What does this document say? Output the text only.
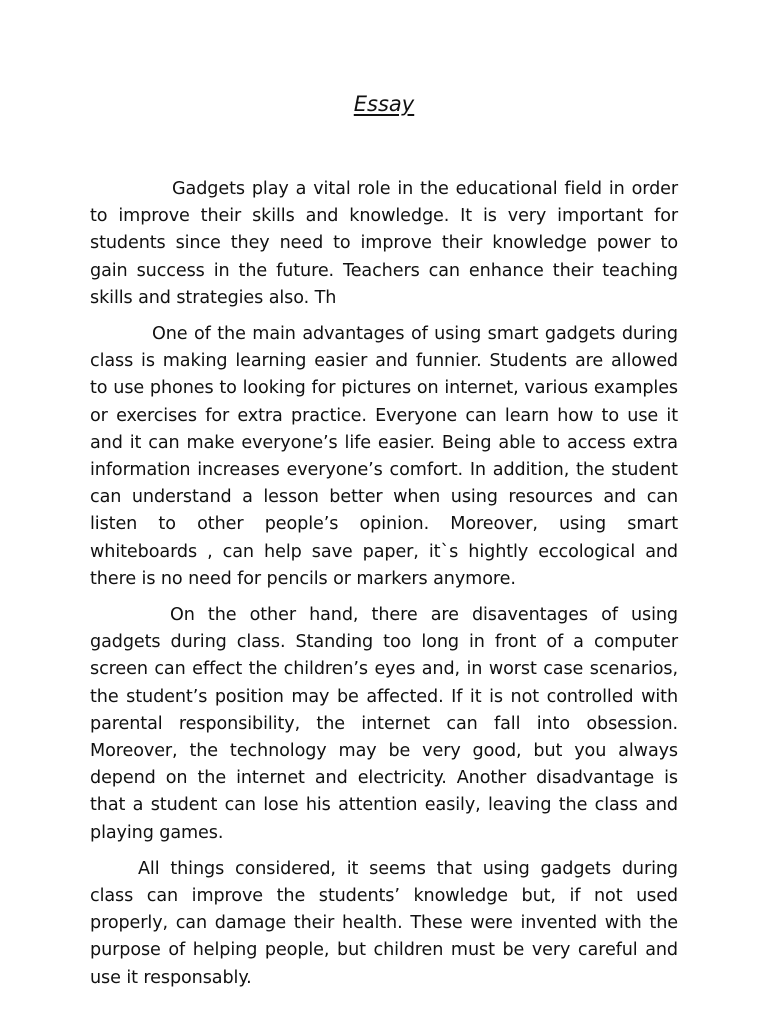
Essay

Gadgets play a vital role in the educational field in order to improve their skills and knowledge. It is very important for students since they need to improve their knowledge power to gain success in the future. Teachers can enhance their teaching skills and strategies also. Th

One of the main advantages of using smart gadgets during class is making learning easier and funnier. Students are allowed to use phones to looking for pictures on internet, various examples or exercises for extra practice. Everyone can learn how to use it and it can make everyone’s life easier. Being able to access extra information increases everyone’s comfort. In addition, the student can understand a lesson better when using resources and can listen to other people’s opinion. Moreover, using smart whiteboards , can help save paper, it`s hightly eccological and there is no need for pencils or markers anymore.

On the other hand, there are disaventages of using gadgets during class. Standing too long in front of a computer screen can effect the children’s eyes and, in worst case scenarios, the student’s position may be affected. If it is not controlled with parental responsibility, the internet can fall into obsession. Moreover, the technology may be very good, but you always depend on the internet and electricity. Another disadvantage is that a student can lose his attention easily, leaving the class and playing games.

All things considered, it seems that using gadgets during class can improve the students’ knowledge but, if not used properly, can damage their health. These were invented with the purpose of helping people, but children must be very careful and use it responsably.
